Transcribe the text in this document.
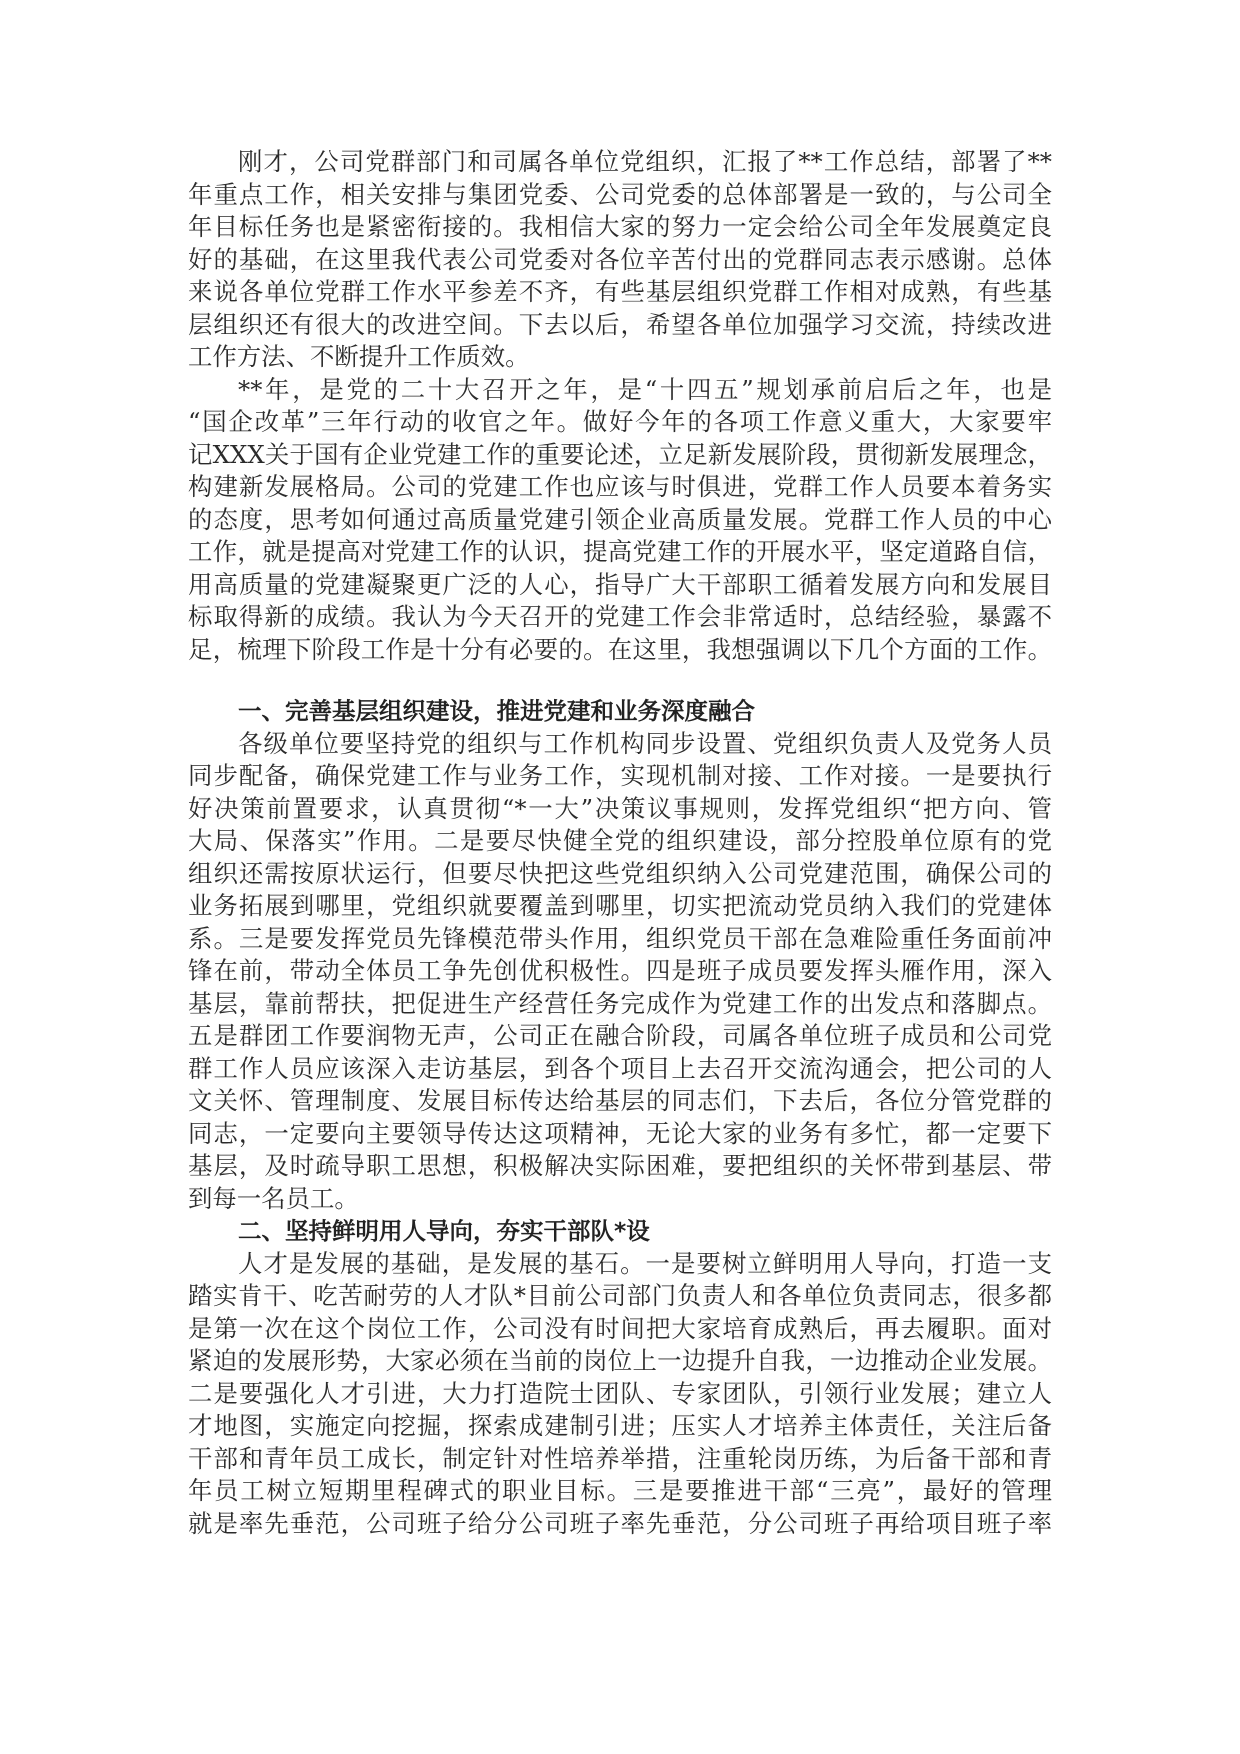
刚才，公司党群部门和司属各单位党组织，汇报了**工作总结，部署了**
年重点工作，相关安排与集团党委、公司党委的总体部署是一致的，与公司全
年目标任务也是紧密衔接的。我相信大家的努力一定会给公司全年发展奠定良
好的基础，在这里我代表公司党委对各位辛苦付出的党群同志表示感谢。总体
来说各单位党群工作水平参差不齐，有些基层组织党群工作相对成熟，有些基
层组织还有很大的改进空间。下去以后，希望各单位加强学习交流，持续改进
工作方法、不断提升工作质效。
**年，是党的二十大召开之年，是“十四五”规划承前启后之年，也是
“国企改革”三年行动的收官之年。做好今年的各项工作意义重大，大家要牢
记XXX关于国有企业党建工作的重要论述，立足新发展阶段，贯彻新发展理念，
构建新发展格局。公司的党建工作也应该与时俱进，党群工作人员要本着务实
的态度，思考如何通过高质量党建引领企业高质量发展。党群工作人员的中心
工作，就是提高对党建工作的认识，提高党建工作的开展水平，坚定道路自信，
用高质量的党建凝聚更广泛的人心，指导广大干部职工循着发展方向和发展目
标取得新的成绩。我认为今天召开的党建工作会非常适时，总结经验，暴露不
足，梳理下阶段工作是十分有必要的。在这里，我想强调以下几个方面的工作。
一、完善基层组织建设，推进党建和业务深度融合
各级单位要坚持党的组织与工作机构同步设置、党组织负责人及党务人员
同步配备，确保党建工作与业务工作，实现机制对接、工作对接。一是要执行
好决策前置要求，认真贯彻“*一大”决策议事规则，发挥党组织“把方向、管
大局、保落实”作用。二是要尽快健全党的组织建设，部分控股单位原有的党
组织还需按原状运行，但要尽快把这些党组织纳入公司党建范围，确保公司的
业务拓展到哪里，党组织就要覆盖到哪里，切实把流动党员纳入我们的党建体
系。三是要发挥党员先锋模范带头作用，组织党员干部在急难险重任务面前冲
锋在前，带动全体员工争先创优积极性。四是班子成员要发挥头雁作用，深入
基层，靠前帮扶，把促进生产经营任务完成作为党建工作的出发点和落脚点。
五是群团工作要润物无声，公司正在融合阶段，司属各单位班子成员和公司党
群工作人员应该深入走访基层，到各个项目上去召开交流沟通会，把公司的人
文关怀、管理制度、发展目标传达给基层的同志们，下去后，各位分管党群的
同志，一定要向主要领导传达这项精神，无论大家的业务有多忙，都一定要下
基层，及时疏导职工思想，积极解决实际困难，要把组织的关怀带到基层、带
到每一名员工。
二、坚持鲜明用人导向，夯实干部队*设
人才是发展的基础，是发展的基石。一是要树立鲜明用人导向，打造一支
踏实肯干、吃苦耐劳的人才队*目前公司部门负责人和各单位负责同志，很多都
是第一次在这个岗位工作，公司没有时间把大家培育成熟后，再去履职。面对
紧迫的发展形势，大家必须在当前的岗位上一边提升自我，一边推动企业发展。
二是要强化人才引进，大力打造院士团队、专家团队，引领行业发展；建立人
才地图，实施定向挖掘，探索成建制引进；压实人才培养主体责任，关注后备
干部和青年员工成长，制定针对性培养举措，注重轮岗历练，为后备干部和青
年员工树立短期里程碑式的职业目标。三是要推进干部“三亮”，最好的管理
就是率先垂范，公司班子给分公司班子率先垂范，分公司班子再给项目班子率
